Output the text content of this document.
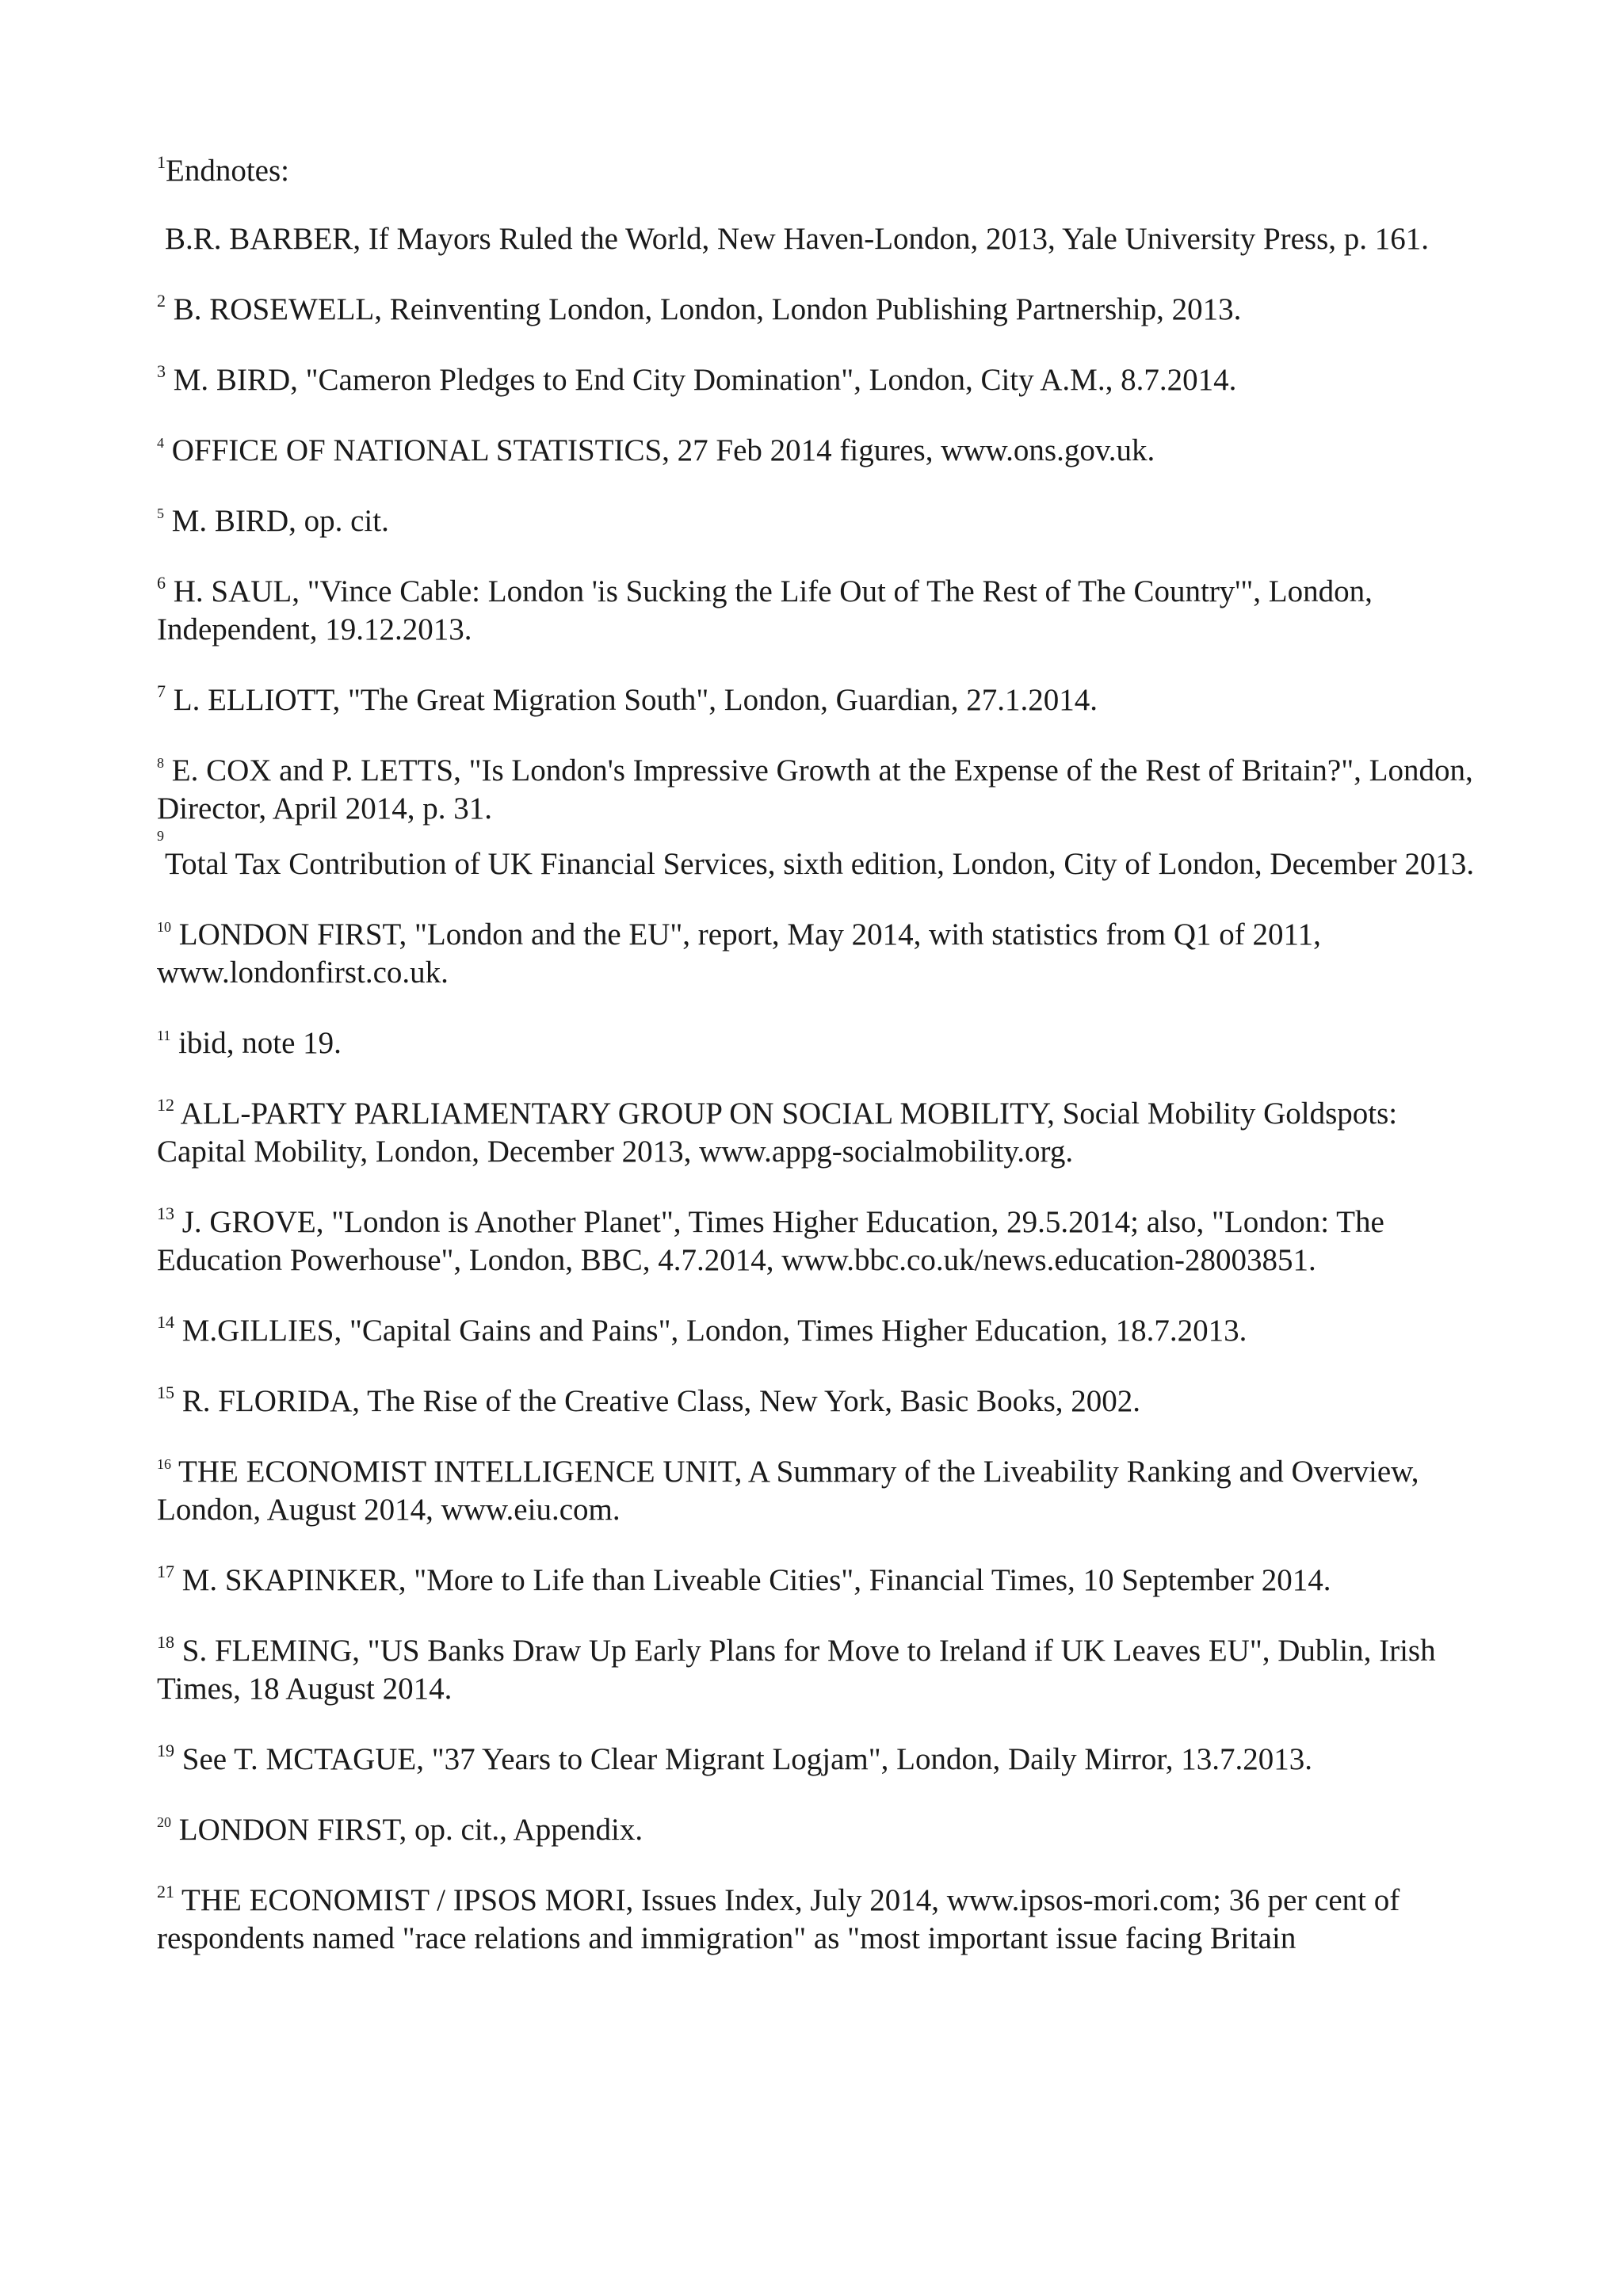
$^1$Endnotes:

B.R. BARBER, If Mayors Ruled the World, New Haven-London, 2013, Yale University Press, p. 161.

$^2$ B. ROSEWELL, Reinventing London, London, London Publishing Partnership, 2013.

$^3$ M. BIRD, "Cameron Pledges to End City Domination", London, City A.M., 8.7.2014.

$^4$ OFFICE OF NATIONAL STATISTICS, 27 Feb 2014 figures, www.ons.gov.uk.

$^5$ M. BIRD, op. cit.

$^6$ H. SAUL, "Vince Cable: London 'is Sucking the Life Out of The Rest of The Country'", London, Independent, 19.12.2013.

$^7$ L. ELLIOTT, "The Great Migration South", London, Guardian, 27.1.2014.

$^8$ E. COX and P. LETTS, "Is London's Impressive Growth at the Expense of the Rest of Britain?", London, Director, April 2014, p. 31.

9

Total Tax Contribution of UK Financial Services, sixth edition, London, City of London, December 2013.

$^{10}$ LONDON FIRST, "London and the EU", report, May 2014, with statistics from Q1 of 2011, www.londonfirst.co.uk.

$^{11}$ ibid, note 19.

$^{12}$ ALL-PARTY PARLIAMENTARY GROUP ON SOCIAL MOBILITY, Social Mobility Goldspots: Capital Mobility, London, December 2013, www.appg-socialmobility.org.

$^{13}$ J. GROVE, "London is Another Planet", Times Higher Education, 29.5.2014; also, "London: The Education Powerhouse", London, BBC, 4.7.2014, www.bbc.co.uk/news.education-28003851.

$^{14}$ M.GILLIES, "Capital Gains and Pains", London, Times Higher Education, 18.7.2013.

$^{15}$ R. FLORIDA, The Rise of the Creative Class, New York, Basic Books, 2002.

$^{16}$ THE ECONOMIST INTELLIGENCE UNIT, A Summary of the Liveability Ranking and Overview, London, August 2014, www.eiu.com.

$^{17}$ M. SKAPINKER, "More to Life than Liveable Cities", Financial Times, 10 September 2014.

$^{18}$ S. FLEMING, "US Banks Draw Up Early Plans for Move to Ireland if UK Leaves EU", Dublin, Irish Times, 18 August 2014.

$^{19}$ See T. MCTAGUE, "37 Years to Clear Migrant Logjam", London, Daily Mirror, 13.7.2013.

$^{20}$ LONDON FIRST, op. cit., Appendix.

$^{21}$ THE ECONOMIST / IPSOS MORI, Issues Index, July 2014, www.ipsos-mori.com; 36 per cent of respondents named "race relations and immigration" as "most important issue facing Britain
